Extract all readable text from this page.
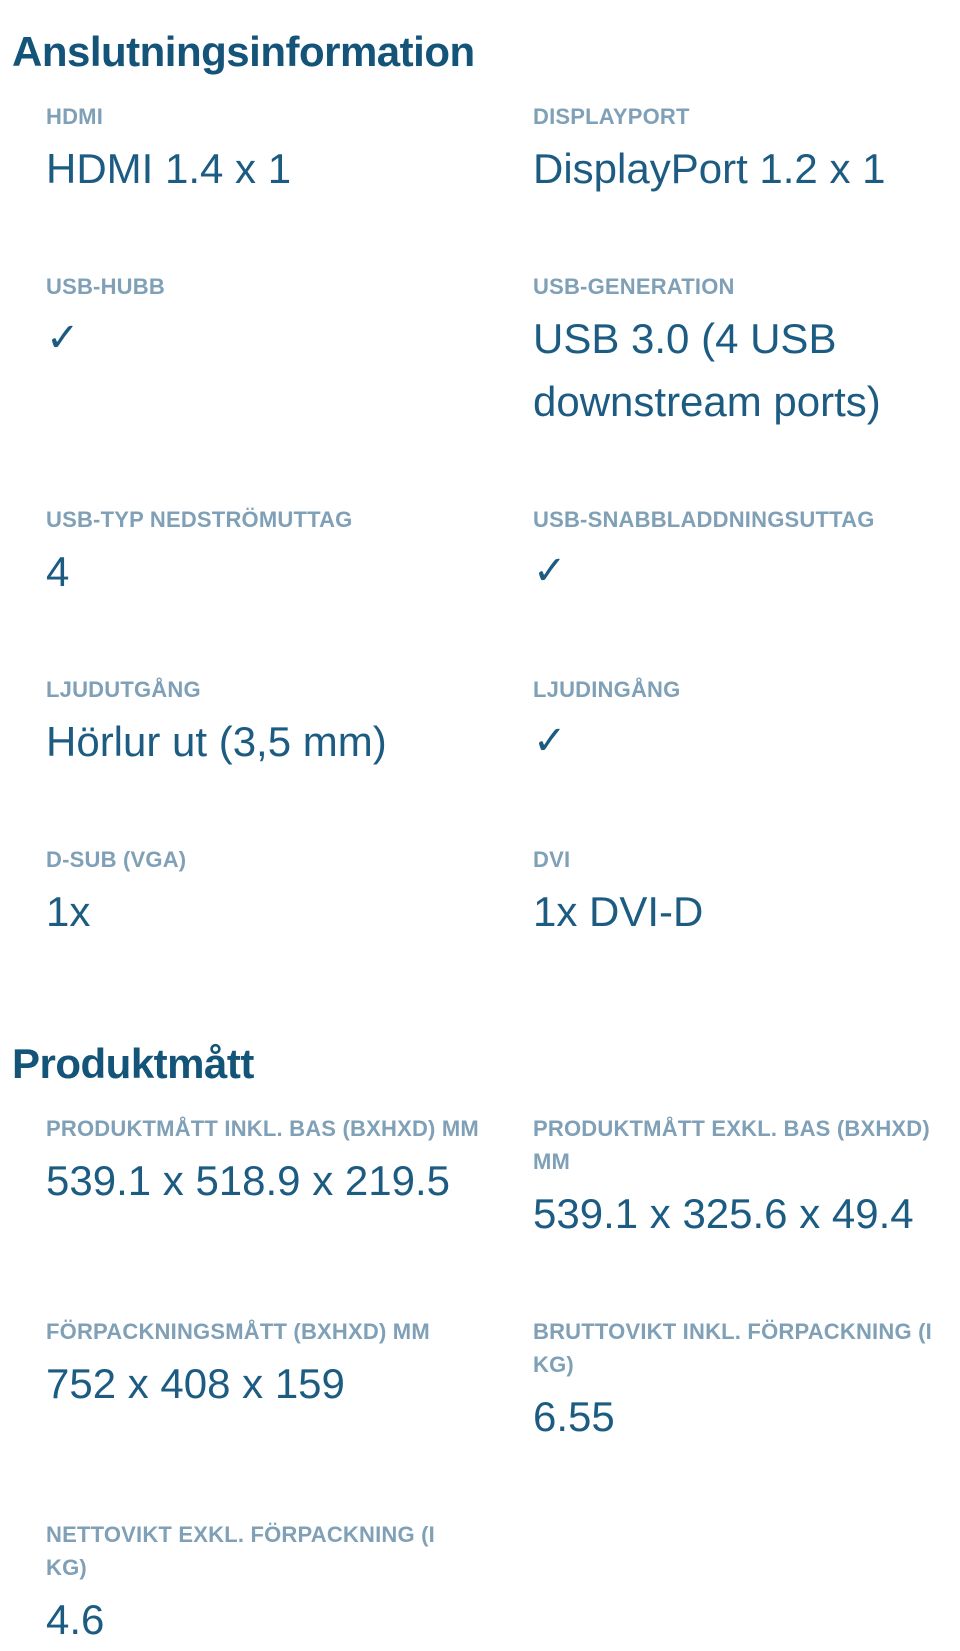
Anslutningsinformation
HDMI
HDMI 1.4 x 1
DISPLAYPORT
DisplayPort 1.2 x 1
USB-HUBB
✓
USB-GENERATION
USB 3.0 (4 USB downstream ports)
USB-TYP NEDSTRÖMUTTAG
4
USB-SNABBLADDNINGSUTTAG
✓
LJUDUTGÅNG
Hörlur ut (3,5 mm)
LJUDINGÅNG
✓
D-SUB (VGA)
1x
DVI
1x DVI-D
Produktmått
PRODUKTMÅTT INKL. BAS (BXHXD) MM
539.1 x 518.9 x 219.5
PRODUKTMÅTT EXKL. BAS (BXHXD) MM
539.1 x 325.6 x 49.4
FÖRPACKNINGSMÅTT (BXHXD) MM
752 x 408 x 159
BRUTTOVIKT INKL. FÖRPACKNING (I KG)
6.55
NETTOVIKT EXKL. FÖRPACKNING (I KG)
4.6
